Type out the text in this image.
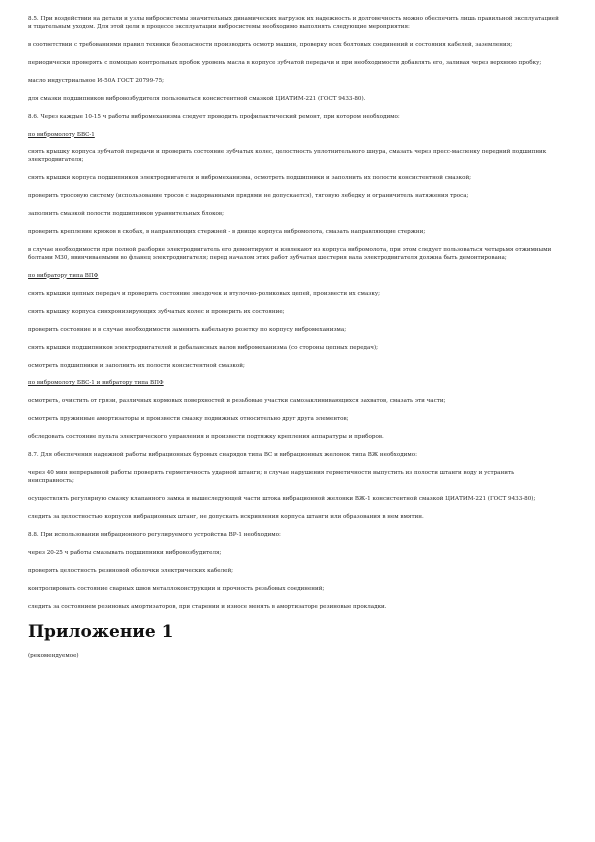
8.5. При воздействии на детали и узлы вибросистемы значительных динамических нагрузок их надежность и долговечность можно обеспечить лишь правильной эксплуатацией и тщательным уходом. Для этой цели в процессе эксплуатации вибросистемы необходимо выполнять следующие мероприятия:

в соответствии с требованиями правил техники безопасности производить осмотр машин, проверку всех болтовых соединений и состояния кабелей, заземления;

периодически проверять с помощью контрольных пробок уровень масла в корпусе зубчатой передачи и при необходимости добавлять его, заливая через верхнюю пробку;

масло индустриальное И-50А ГОСТ 20799-75;

для смазки подшипников вибровозбудителя пользоваться консистентной смазкой ЦИАТИМ-221 (ГОСТ 9433-80).

8.6. Через каждые 10-15 ч работы вибромеханизма следует проводить профилактический ремонт, при котором необходимо:

по вибромолоту БВС-1

снять крышку корпуса зубчатой передачи и проверить состояние зубчатых колес, целостность уплотнительного шнура, смазать через пресс-масленку передний подшипник электродвигателя;

снять крышки корпуса подшипников электродвигателя и вибромеханизма, осмотреть подшипники и заполнить их полости консистентной смазкой;

проверить тросовую систему (использование тросов с надорванными прядями не допускается), тяговую лебедку и ограничитель натяжения троса;

заполнить смазкой полости подшипников уравнительных блоков;

проверить крепление крюков в скобах, в направляющих стержней - в днище корпуса вибромолота, смазать направляющие стержни;

в случае необходимости при полной разборке электродвигатель его демонтируют и извлекают из корпуса вибромолота, при этом следует пользоваться четырьмя отжимными болтами М30, ввинчиваемыми во фланец электродвигателя; перед началом этих работ зубчатая шестерня вала электродвигателя должна быть демонтирована;

по вибратору типа ВПФ

снять крышки цепных передач и проверить состояние звездочек и втулочно-роликовых цепей, произвести их смазку;

снять крышку корпуса синхронизирующих зубчатых колес и проверить их состояние;

проверить состояние и в случае необходимости заменить кабельную розетку по корпусу вибромеханизма;

снять крышки подшипников электродвигателей и дебалансных валов вибромеханизма (со стороны цепных передач);

осмотреть подшипники и заполнить их полости консистентной смазкой;

по вибромолоту БВС-1 и вибратору типа ВПФ

осмотреть, очистить от грязи, различных кормовых поверхностей и резьбовые участки самозаклинивающихся захватов, смазать эти части;

осмотреть пружинные амортизаторы и произвести смазку подвижных относительно друг друга элементов;

обследовать состояние пульта электрического управления и произвести подтяжку крепления аппаратуры и приборов.

8.7. Для обеспечения надежной работы вибрационных буровых снарядов типа ВС и вибрационных желонок типа ВЖ необходимо:

через 40 мин непрерывной работы проверять герметичность ударной штанги; в случае нарушения герметичности выпустить из полости штанги воду и устранить неисправность;

осуществлять регулярную смазку клапанного замка и вышеследующей части штока вибрационной желонки ВЖ-1 консистентной смазкой ЦИАТИМ-221 (ГОСТ 9433-80);

следить за целостностью корпусов вибрационных штанг, не допускать искривления корпуса штанги или образования в нем вмятин.

8.8. При использовании вибрационного регулируемого устройства ВР-1 необходимо:

через 20-25 ч работы смазывать подшипники вибровозбудителя;

проверять целостность резиновой оболочки электрических кабелей;

контролировать состояние сварных швов металлоконструкции и прочность резьбовых соединений;

следить за состоянием резиновых амортизаторов, при старении и износе менять в амортизаторе резиновые прокладки.

Приложение 1

(рекомендуемое)
